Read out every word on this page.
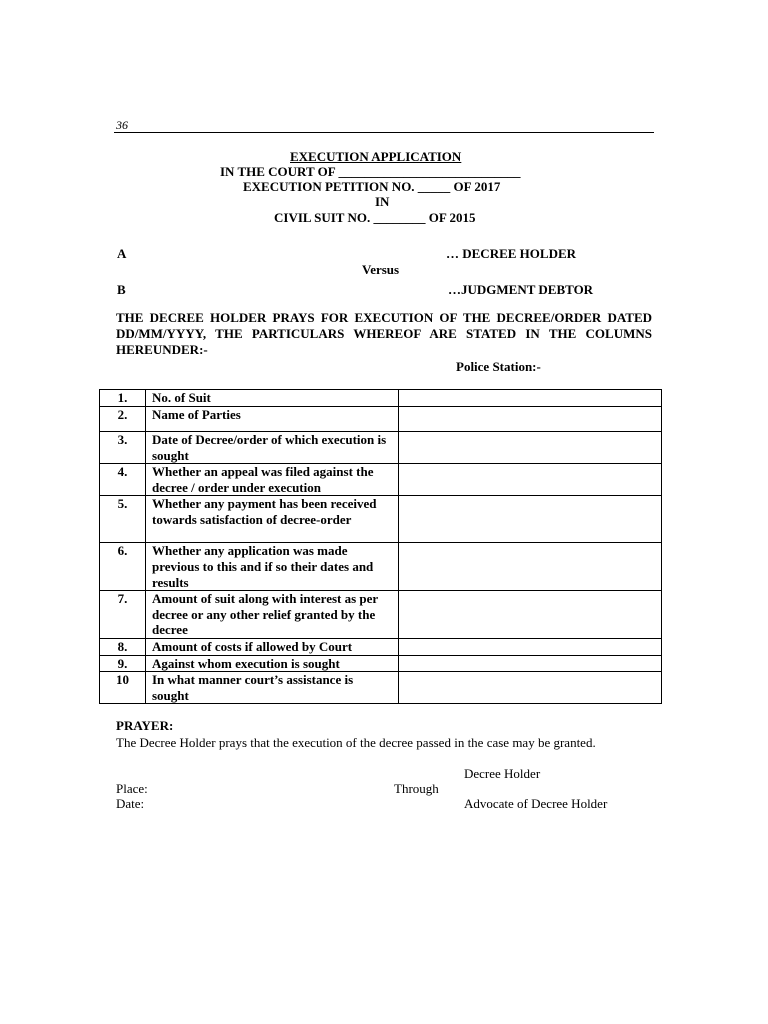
36
EXECUTION APPLICATION
IN THE COURT OF ____________________________
EXECUTION PETITION NO. _____ OF 2017
IN
CIVIL SUIT NO. ________ OF 2015
A	… DECREE HOLDER
Versus
B	…JUDGMENT DEBTOR
THE DECREE HOLDER PRAYS FOR EXECUTION OF THE DECREE/ORDER DATED DD/MM/YYYY, THE PARTICULARS WHEREOF ARE STATED IN THE COLUMNS HEREUNDER:-
Police Station:-
1.	No. of Suit	
2.	Name of Parties	
3.	Date of Decree/order of which execution is sought	
4.	Whether an appeal was filed against the decree / order under execution	
5.	Whether any payment has been received towards satisfaction of decree-order	
6.	Whether any application was made previous to this and if so their dates and results	
7.	Amount of suit along with interest as per decree or any other relief granted by the decree	
8.	Amount of costs if allowed by Court	
9.	Against whom execution is sought	
10	In what manner court’s assistance is sought	
PRAYER:
The Decree Holder prays that the execution of the decree passed in the case may be granted.
Decree Holder
Place:	Through
Date:	Advocate of Decree Holder
